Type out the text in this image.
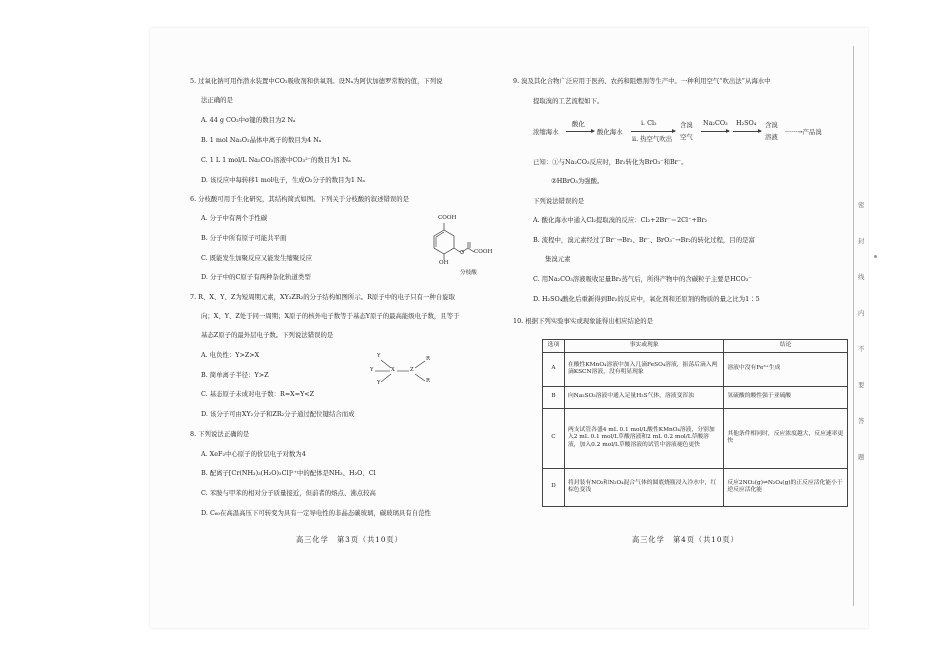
5. 过氧化钠可用作潜水装置中CO₂吸收剂和供氧剂。设Nₐ为阿伏加德罗常数的值，下列说
法正确的是
A. 44 g CO₂中σ键的数目为2 Nₐ
B. 1 mol Na₂O₂晶体中离子的数目为4 Nₐ
C. 1 L 1 mol/L Na₂CO₃溶液中CO₃²⁻的数目为1 Nₐ
D. 该反应中每转移1 mol电子，生成O₂分子的数目为1 Nₐ
6. 分枝酸可用于生化研究，其结构简式如图。下列关于分枝酸的叙述错误的是
A. 分子中有两个手性碳
B. 分子中所有原子可能共平面
C. 既能发生加聚反应又能发生缩聚反应
D. 分子中的C原子有两种杂化轨道类型
O
COOH
COOH
OH
分枝酸
7. R、X、Y、Z为短周期元素，XY₂ZR₂的分子结构如图所示。R原子中的电子只有一种自旋取
向；X、Y、Z处于同一周期；X原子的核外电子数等于基态Y原子的最高能级电子数，且等于
基态Z原子的最外层电子数。下列说法错误的是
A. 电负性：Y>Z>X
B. 简单离子半径：Y>Z
C. 基态原子未成对电子数：R=X=Y<Z
D. 该分子可由XY₂分子和ZR₂分子通过配位键结合而成
Y
Y
Y
X	Z
R
R
8. 下列说法正确的是
A. XeF₂中心原子的价层电子对数为4
B. 配离子[Cr(NH₃)₃(H₂O)₂Cl]²⁺中的配体是NH₃、H₂O、Cl
C. 苯胺与甲苯的相对分子质量接近，但前者的熔点、沸点较高
D. C₆₀在高温高压下可转变为具有一定导电性的非晶态碳玻璃，碳玻璃具有自范性
高三化学　第3页（共10页）
9. 溴及其化合物广泛应用于医药、农药和阻燃剂等生产中。一种利用空气“吹出法”从海水中
提取溴的工艺流程如下。
浓缩海水
酸化
酸化海水
i. Cl₂
ii. 热空气吹出
含溴
空气
Na₂CO₃ H₂SO₄ 含溴
溶液
······→产品溴
已知：①与Na₂CO₃反应时，Br₂转化为BrO₃⁻和Br⁻。
②HBrO₃为强酸。
下列说法错误的是
A. 酸化海水中通入Cl₂提取溴的反应：Cl₂+2Br⁻＝2Cl⁻+Br₂
B. 流程中，溴元素经过了Br⁻→Br₂、Br⁻、BrO₃⁻→Br₂的转化过程，目的是富
集溴元素
C. 用Na₂CO₃溶液吸收足量Br₂蒸气后，所得产物中的含碳粒子主要是HCO₃⁻
D. H₂SO₄酸化后重新得到Br₂的反应中，氧化剂和还原剂的物质的量之比为1∶5
10. 根据下列实验事实或现象能得出相应结论的是
选项	事实或现象	结论
A	在酸性KMnO₄溶液中加入几滴FeSO₄溶液，振荡后滴入两滴KSCN溶液，没有明显现象	溶液中没有Fe³⁺生成
B	向Na₂SO₃溶液中通入足量H₂S气体，溶液变浑浊	氢硫酸的酸性强于亚硫酸
C	两支试管各盛4 mL 0.1 mol/L酸性KMnO₄溶液，分别加入2 mL 0.1 mol/L草酸溶液和2 mL 0.2 mol/L草酸溶液，加入0.2 mol/L草酸溶液的试管中溶液褪色更快	其他条件相同时，反应浓度越大，反应速率更快
D	将封装有NO₂和N₂O₄混合气体的圆底烧瓶浸入冷水中，红棕色变浅	反应2NO₂(g)⇌N₂O₄(g)的正反应活化能小于逆反应活化能
高三化学　第4页（共10页）
密
封
线
内
不
要
答
题
